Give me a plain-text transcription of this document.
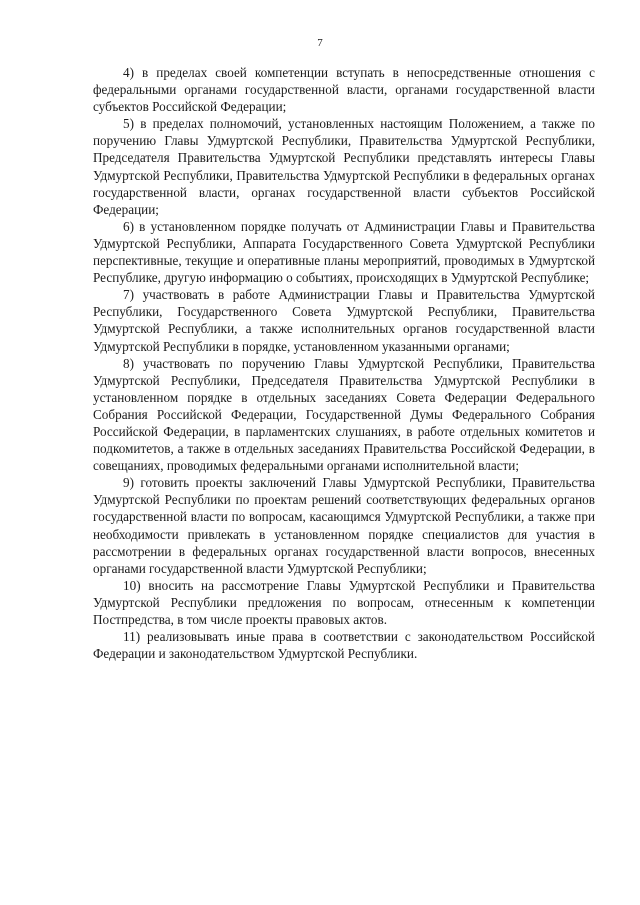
7

4) в пределах своей компетенции вступать в непосредственные отношения с федеральными органами государственной власти, органами государственной власти субъектов Российской Федерации;

5) в пределах полномочий, установленных настоящим Положением, а также по поручению Главы Удмуртской Республики, Правительства Удмуртской Республики, Председателя Правительства Удмуртской Республики представлять интересы Главы Удмуртской Республики, Правительства Удмуртской Республики в федеральных органах государственной власти, органах государственной власти субъектов Российской Федерации;

6) в установленном порядке получать от Администрации Главы и Правительства Удмуртской Республики, Аппарата Государственного Совета Удмуртской Республики перспективные, текущие и оперативные планы мероприятий, проводимых в Удмуртской Республике, другую информацию о событиях, происходящих в Удмуртской Республике;

7) участвовать в работе Администрации Главы и Правительства Удмуртской Республики, Государственного Совета Удмуртской Республики, Правительства Удмуртской Республики, а также исполнительных органов государственной власти Удмуртской Республики в порядке, установленном указанными органами;

8) участвовать по поручению Главы Удмуртской Республики, Правительства Удмуртской Республики, Председателя Правительства Удмуртской Республики в установленном порядке в отдельных заседаниях Совета Федерации Федерального Собрания Российской Федерации, Государственной Думы Федерального Собрания Российской Федерации, в парламентских слушаниях, в работе отдельных комитетов и подкомитетов, а также в отдельных заседаниях Правительства Российской Федерации, в совещаниях, проводимых федеральными органами исполнительной власти;

9) готовить проекты заключений Главы Удмуртской Республики, Правительства Удмуртской Республики по проектам решений соответствующих федеральных органов государственной власти по вопросам, касающимся Удмуртской Республики, а также при необходимости привлекать в установленном порядке специалистов для участия в рассмотрении в федеральных органах государственной власти вопросов, внесенных органами государственной власти Удмуртской Республики;

10) вносить на рассмотрение Главы Удмуртской Республики и Правительства Удмуртской Республики предложения по вопросам, отнесенным к компетенции Постпредства, в том числе проекты правовых актов.

11) реализовывать иные права в соответствии с законодательством Российской Федерации и законодательством Удмуртской Республики.
